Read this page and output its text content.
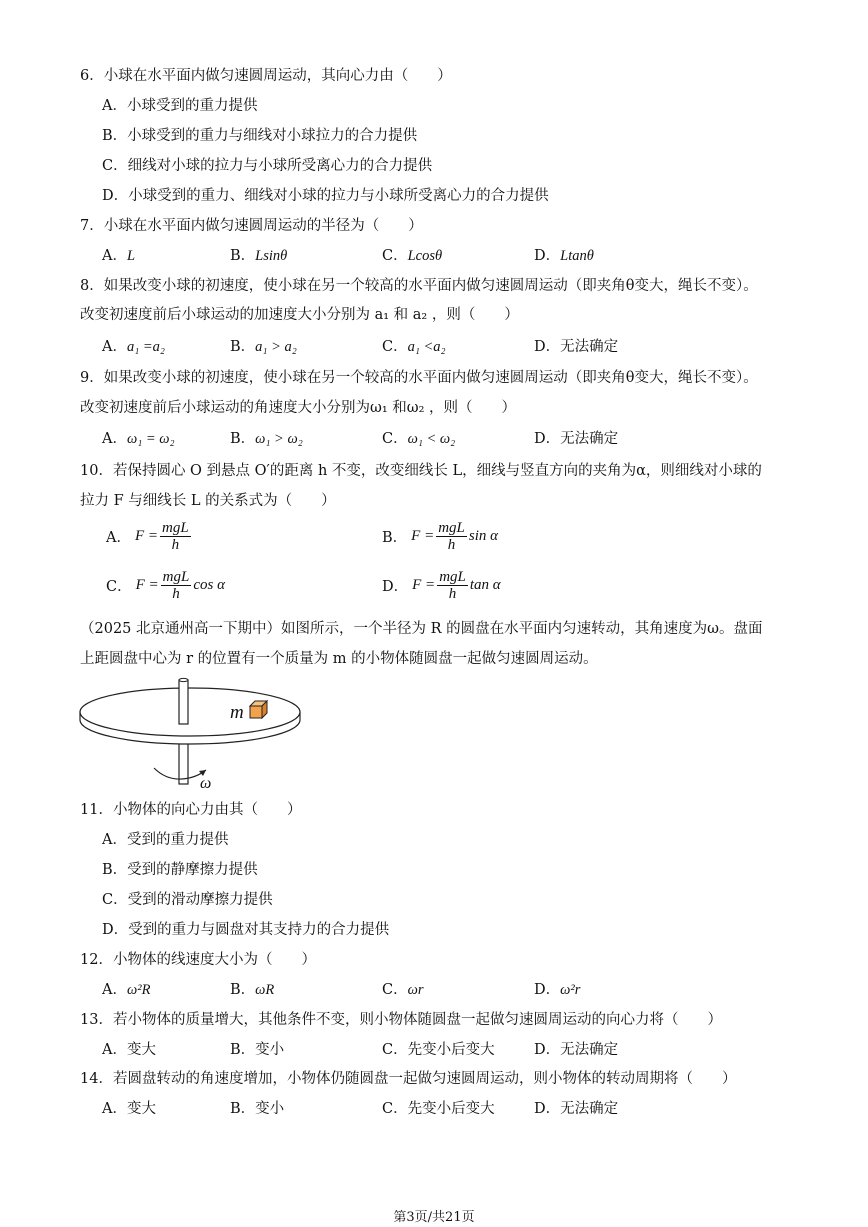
6．小球在水平面内做匀速圆周运动，其向心力由（　　）
A．小球受到的重力提供
B．小球受到的重力与细线对小球拉力的合力提供
C．细线对小球的拉力与小球所受离心力的合力提供
D．小球受到的重力、细线对小球的拉力与小球所受离心力的合力提供
7．小球在水平面内做匀速圆周运动的半径为（　　）
A．L	B．Lsinθ	C．Lcosθ	D．Ltanθ
8．如果改变小球的初速度，使小球在另一个较高的水平面内做匀速圆周运动（即夹角θ变大，绳长不变）。
改变初速度前后小球运动的加速度大小分别为 a₁ 和 a₂ ，则（　　）
A．a₁ =a₂	B．a₁ > a₂	C．a₁ <a₂	D．无法确定
9．如果改变小球的初速度，使小球在另一个较高的水平面内做匀速圆周运动（即夹角θ变大，绳长不变）。
改变初速度前后小球运动的角速度大小分别为ω₁ 和ω₂ ，则（　　）
A．ω₁ = ω₂	B．ω₁ > ω₂	C．ω₁ < ω₂	D．无法确定
10．若保持圆心 O 到悬点 O′的距离 h 不变，改变细线长 L，细线与竖直方向的夹角为α，则细线对小球的
拉力 F 与细线长 L 的关系式为（　　）
A． $F = \frac{\text{mgL}}{h}$	B． $F = \frac{\text{mgL}}{h}$ sin α
C． $F = \frac{\text{mgL}}{h}$ cos α	D． $F = \frac{\text{mgL}}{h}$ tan α
（2025 北京通州高一下期中）如图所示，一个半径为 R 的圆盘在水平面内匀速转动，其角速度为ω。盘面
上距圆盘中心为 r 的位置有一个质量为 m 的小物体随圆盘一起做匀速圆周运动。
m
ω
11．小物体的向心力由其（　　）
A．受到的重力提供
B．受到的静摩擦力提供
C．受到的滑动摩擦力提供
D．受到的重力与圆盘对其支持力的合力提供
12．小物体的线速度大小为（　　）
A．ω²R	B．ωR	C．ωr	D．ω²r
13．若小物体的质量增大，其他条件不变，则小物体随圆盘一起做匀速圆周运动的向心力将（　　）
A．变大	B．变小	C．先变小后变大	D．无法确定
14．若圆盘转动的角速度增加，小物体仍随圆盘一起做匀速圆周运动，则小物体的转动周期将（　　）
A．变大	B．变小	C．先变小后变大	D．无法确定
第3页/共21页
